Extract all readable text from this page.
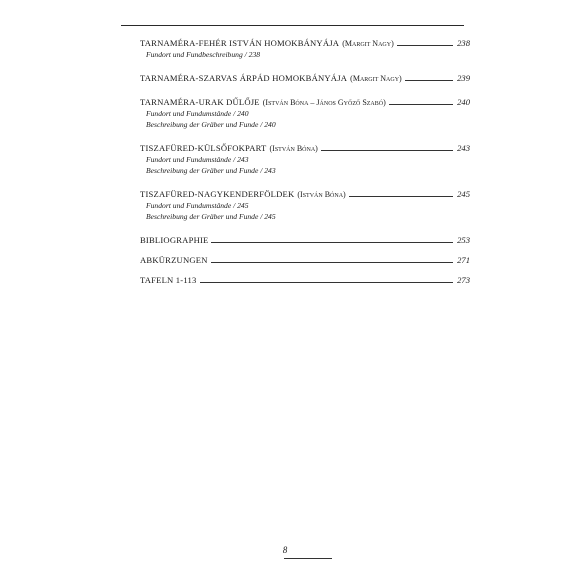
TARNAMÉRA-FEHÉR ISTVÁN HOMOKBÁNYÁJA (Margit Nagy)	238
Fundort und Fundbeschreibung / 238
TARNAMÉRA-SZARVAS ÁRPÁD HOMOKBÁNYÁJA (Margit Nagy)	239
TARNAMÉRA-URAK DŰLŐJE (István Bóna – János Győző Szabó)	240
Fundort und Fundumstände / 240
Beschreibung der Gräber und Funde / 240
TISZAFÜRED-KÜLSŐFOKPART (István Bóna)	243
Fundort und Fundumstände / 243
Beschreibung der Gräber und Funde / 243
TISZAFÜRED-NAGYKENDERFÖLDEK (István Bóna)	245
Fundort und Fundumstände / 245
Beschreibung der Gräber und Funde / 245
BIBLIOGRAPHIE	253
ABKÜRZUNGEN	271
TAFELN 1-113	273
8
